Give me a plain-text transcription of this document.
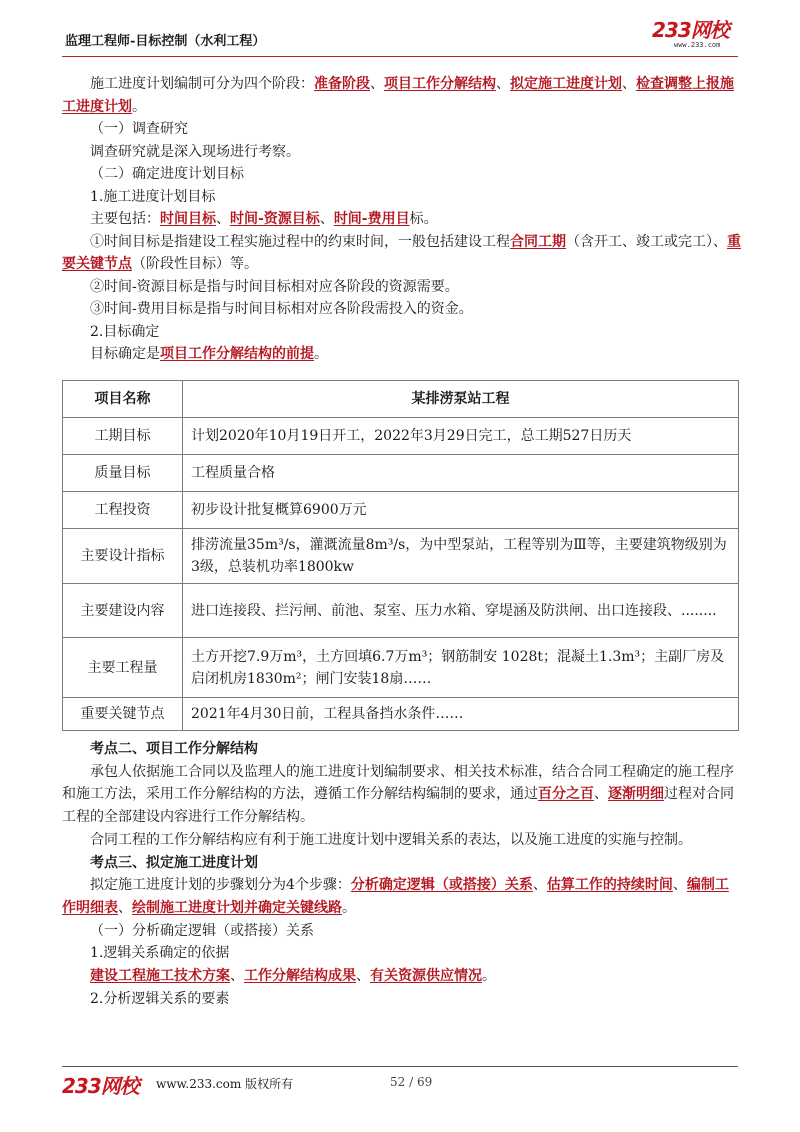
监理工程师-目标控制（水利工程）	233网校
www.233.com

施工进度计划编制可分为四个阶段：准备阶段、项目工作分解结构、拟定施工进度计划、检查调整上报施工进度计划。

（一）调查研究

调查研究就是深入现场进行考察。

（二）确定进度计划目标

1.施工进度计划目标

主要包括：时间目标、时间-资源目标、时间-费用目标。

①时间目标是指建设工程实施过程中的约束时间，一般包括建设工程合同工期（含开工、竣工或完工）、重要关键节点（阶段性目标）等。

②时间-资源目标是指与时间目标相对应各阶段的资源需要。

③时间-费用目标是指与时间目标相对应各阶段需投入的资金。

2.目标确定

目标确定是项目工作分解结构的前提。

项目名称	某排涝泵站工程
工期目标	计划2020年10月19日开工，2022年3月29日完工，总工期527日历天
质量目标	工程质量合格
工程投资	初步设计批复概算6900万元
主要设计指标	排涝流量35m³/s，灌溉流量8m³/s，为中型泵站，工程等别为Ⅲ等，主要建筑物级别为3级，总装机功率1800kw
主要建设内容	进口连接段、拦污闸、前池、泵室、压力水箱、穿堤涵及防洪闸、出口连接段、........
主要工程量	土方开挖7.9万m³，土方回填6.7万m³；钢筋制安 1028t；混凝土1.3m³；主副厂房及启闭机房1830m²；闸门安装18扇……
重要关键节点	2021年4月30日前，工程具备挡水条件……

考点二、项目工作分解结构

承包人依据施工合同以及监理人的施工进度计划编制要求、相关技术标准，结合合同工程确定的施工程序和施工方法，采用工作分解结构的方法，遵循工作分解结构编制的要求，通过百分之百、逐渐明细过程对合同工程的全部建设内容进行工作分解结构。

合同工程的工作分解结构应有利于施工进度计划中逻辑关系的表达，以及施工进度的实施与控制。

考点三、拟定施工进度计划

拟定施工进度计划的步骤划分为4个步骤：分析确定逻辑（或搭接）关系、估算工作的持续时间、编制工作明细表、绘制施工进度计划并确定关键线路。

（一）分析确定逻辑（或搭接）关系

1.逻辑关系确定的依据

建设工程施工技术方案、工作分解结构成果、有关资源供应情况。

2.分析逻辑关系的要素

233网校 www.233.com 版权所有	52 / 69
